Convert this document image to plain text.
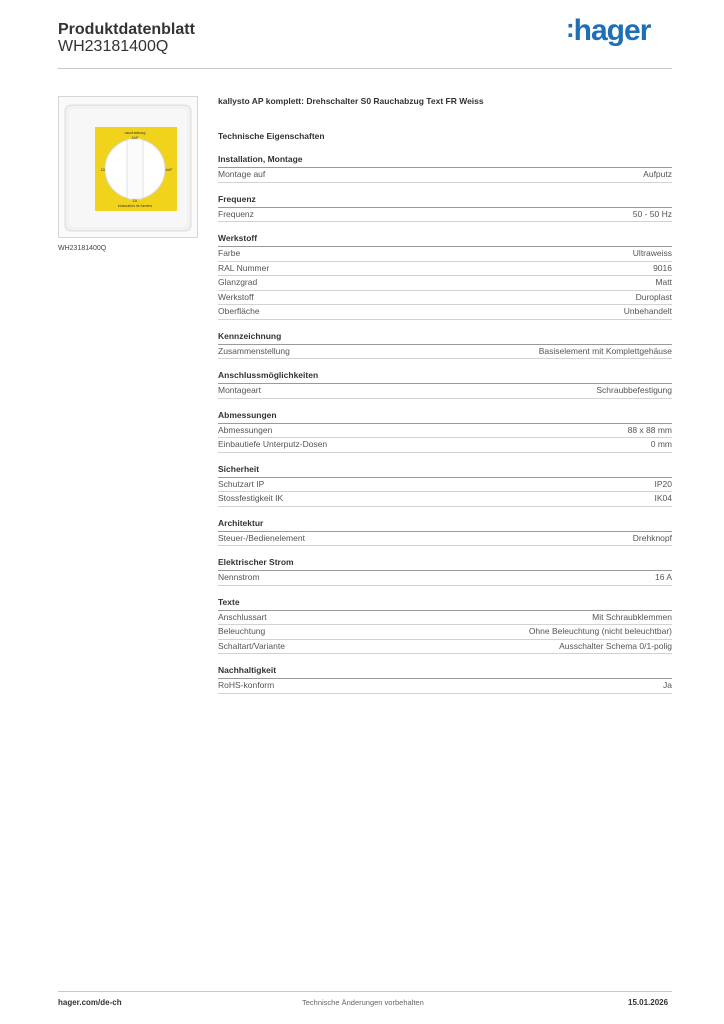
Produktdatenblatt
WH23181400Q
:hager
rauchabzug
AUF
ZU
evacuation de fumées
ZU	AUF
WH23181400Q
kallysto AP komplett: Drehschalter S0 Rauchabzug Text FR Weiss
Technische Eigenschaften
Installation, Montage
Montage auf	Aufputz
Frequenz
Frequenz	50 - 50 Hz
Werkstoff
Farbe	Ultraweiss
RAL Nummer	9016
Glanzgrad	Matt
Werkstoff	Duroplast
Oberfläche	Unbehandelt
Kennzeichnung
Zusammenstellung	Basiselement mit Komplettgehäuse
Anschlussmöglichkeiten
Montageart	Schraubbefestigung
Abmessungen
Abmessungen	88 x 88 mm
Einbautiefe Unterputz-Dosen	0 mm
Sicherheit
Schutzart IP	IP20
Stossfestigkeit IK	IK04
Architektur
Steuer-/Bedienelement	Drehknopf
Elektrischer Strom
Nennstrom	16 A
Texte
Anschlussart	Mit Schraubklemmen
Beleuchtung	Ohne Beleuchtung (nicht beleuchtbar)
Schaltart/Variante	Ausschalter Schema 0/1-polig
Nachhaltigkeit
RoHS-konform	Ja
hager.com/de-ch	Technische Änderungen vorbehalten	15.01.2026
